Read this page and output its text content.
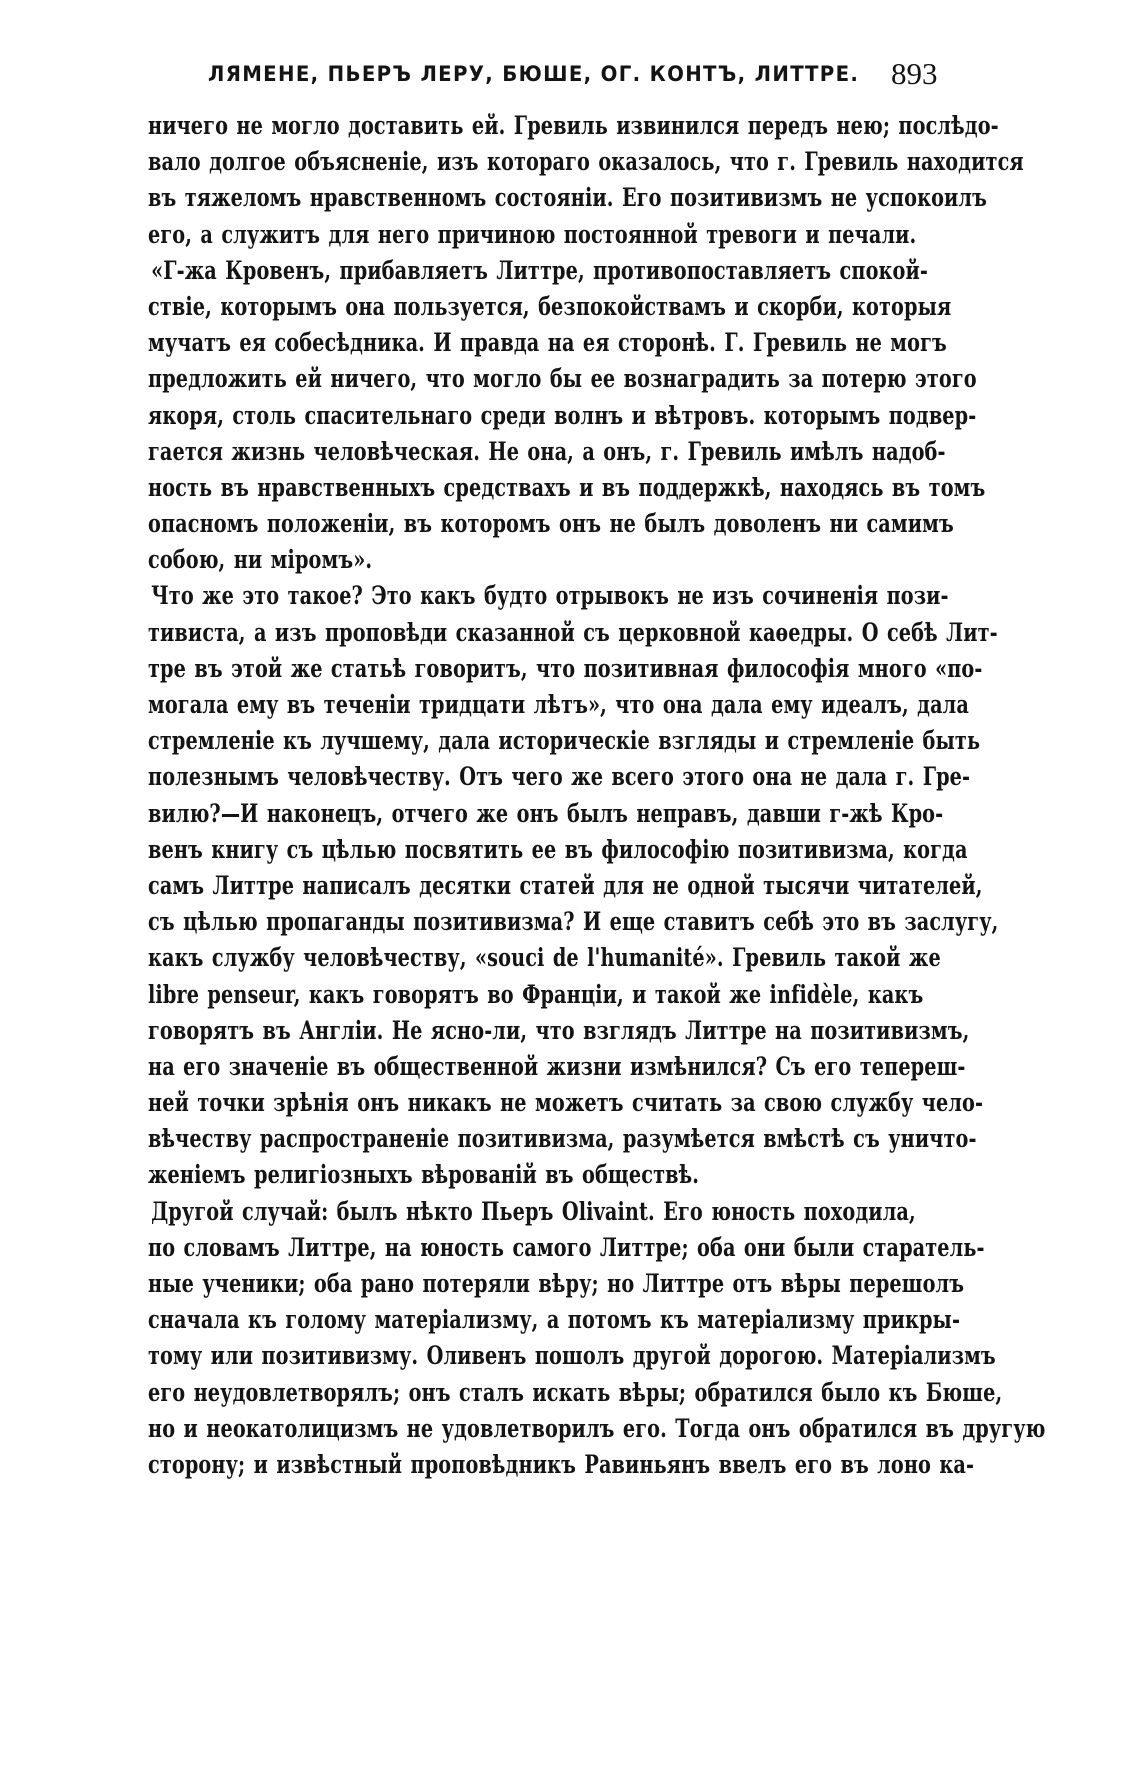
ЛЯМЕНЕ, ПЬЕРЪ ЛЕРУ, БЮШЕ, ОГ. КОНТЪ, ЛИТТРЕ. 893
ничего не могло доставить ей. Гревиль извинился передъ нею; послѣдо-
вало долгое объясненіе, изъ котораго оказалось, что г. Гревиль находится
въ тяжеломъ нравственномъ состояніи. Его позитивизмъ не успокоилъ
его, а служитъ для него причиною постоянной тревоги и печали.
«Г-жа Кровенъ, прибавляетъ Литтре, противопоставляетъ спокой-
ствіе, которымъ она пользуется, безпокойствамъ и скорби, которыя
мучатъ ея собесѣдника. И правда на ея сторонѣ. Г. Гревиль не могъ
предложить ей ничего, что могло бы ее вознаградить за потерю этого
якоря, столь спасительнаго среди волнъ и вѣтровъ. которымъ подвер-
гается жизнь человѣческая. Не она, а онъ, г. Гревиль имѣлъ надоб-
ность въ нравственныхъ средствахъ и въ поддержкѣ, находясь въ томъ
опасномъ положеніи, въ которомъ онъ не былъ доволенъ ни самимъ
собою, ни міромъ».
Что же это такое? Это какъ будто отрывокъ не изъ сочиненія пози-
тивиста, а изъ проповѣди сказанной съ церковной каѳедры. О себѣ Лит-
тре въ этой же статьѣ говоритъ, что позитивная философія много «по-
могала ему въ теченіи тридцати лѣтъ», что она дала ему идеалъ, дала
стремленіе къ лучшему, дала историческіе взгляды и стремленіе быть
полезнымъ человѣчеству. Отъ чего же всего этого она не дала г. Гре-
вилю?—И наконецъ, отчего же онъ былъ неправъ, давши г-жѣ Кро-
венъ книгу съ цѣлью посвятить ее въ философію позитивизма, когда
самъ Литтре написалъ десятки статей для не одной тысячи читателей,
съ цѣлью пропаганды позитивизма? И еще ставитъ себѣ это въ заслугу,
какъ службу человѣчеству, «souci de l'humanité». Гревиль такой же
libre penseur, какъ говорятъ во Франціи, и такой же infidèle, какъ
говорятъ въ Англіи. Не ясно-ли, что взглядъ Литтре на позитивизмъ,
на его значеніе въ общественной жизни измѣнился? Съ его тепереш-
ней точки зрѣнія онъ никакъ не можетъ считать за свою службу чело-
вѣчеству распространеніе позитивизма, разумѣется вмѣстѣ съ уничто-
женіемъ религіозныхъ вѣрованій въ обществѣ.
Другой случай: былъ нѣкто Пьеръ Olivaint. Его юность походила,
по словамъ Литтре, на юность самого Литтре; оба они были старатель-
ные ученики; оба рано потеряли вѣру; но Литтре отъ вѣры перешолъ
сначала къ голому матеріализму, а потомъ къ матеріализму прикры-
тому или позитивизму. Оливенъ пошолъ другой дорогою. Матеріализмъ
его неудовлетворялъ; онъ сталъ искать вѣры; обратился было къ Бюше,
но и неокатолицизмъ не удовлетворилъ его. Тогда онъ обратился въ другую
сторону; и извѣстный проповѣдникъ Равиньянъ ввелъ его въ лоно ка-
